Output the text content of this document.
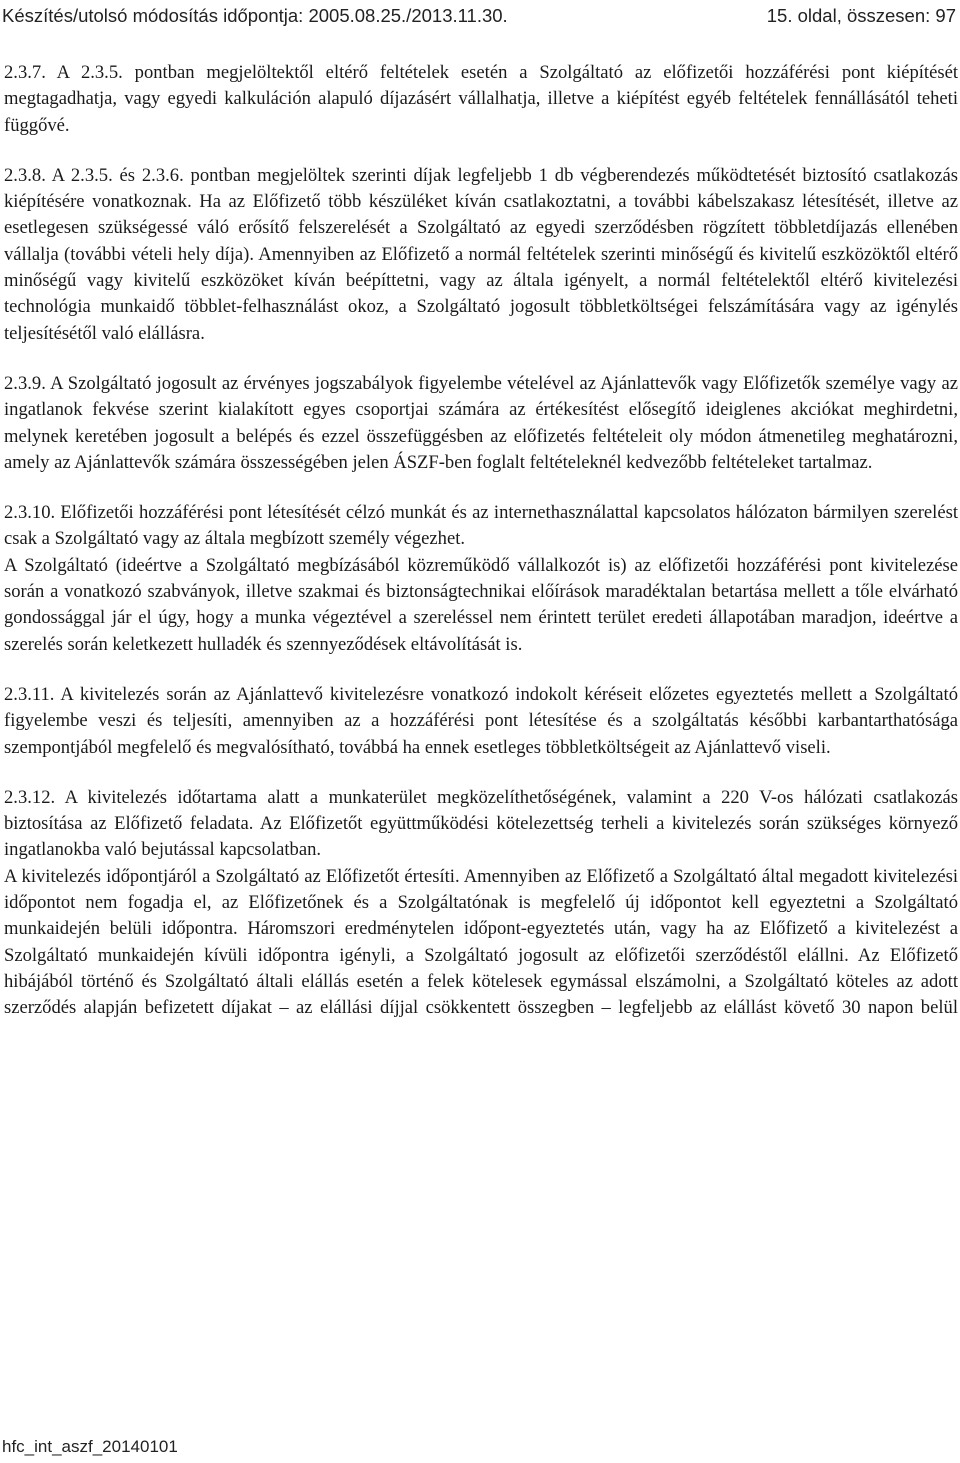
Készítés/utolsó módosítás időpontja: 2005.08.25./2013.11.30.	15. oldal, összesen: 97

2.3.7. A 2.3.5. pontban megjelöltektől eltérő feltételek esetén a Szolgáltató az előfizetői hozzáférési pont kiépítését megtagadhatja, vagy egyedi kalkuláción alapuló díjazásért vállalhatja, illetve a kiépítést egyéb feltételek fennállásától teheti függővé.

2.3.8. A 2.3.5. és 2.3.6. pontban megjelöltek szerinti díjak legfeljebb 1 db végberendezés működtetését biztosító csatlakozás kiépítésére vonatkoznak. Ha az Előfizető több készüléket kíván csatlakoztatni, a további kábelszakasz létesítését, illetve az esetlegesen szükségessé váló erősítő felszerelését a Szolgáltató az egyedi szerződésben rögzített többletdíjazás ellenében vállalja (további vételi hely díja). Amennyiben az Előfizető a normál feltételek szerinti minőségű és kivitelű eszközöktől eltérő minőségű vagy kivitelű eszközöket kíván beépíttetni, vagy az általa igényelt, a normál feltételektől eltérő kivitelezési technológia munkaidő többlet-felhasználást okoz, a Szolgáltató jogosult többletköltségei felszámítására vagy az igénylés teljesítésétől való elállásra.

2.3.9. A Szolgáltató jogosult az érvényes jogszabályok figyelembe vételével az Ajánlattevők vagy Előfizetők személye vagy az ingatlanok fekvése szerint kialakított egyes csoportjai számára az értékesítést elősegítő ideiglenes akciókat meghirdetni, melynek keretében jogosult a belépés és ezzel összefüggésben az előfizetés feltételeit oly módon átmenetileg meghatározni, amely az Ajánlattevők számára összességében jelen ÁSZF-ben foglalt feltételeknél kedvezőbb feltételeket tartalmaz.

2.3.10. Előfizetői hozzáférési pont létesítését célzó munkát és az internethasználattal kapcsolatos hálózaton bármilyen szerelést csak a Szolgáltató vagy az általa megbízott személy végezhet.

A Szolgáltató (ideértve a Szolgáltató megbízásából közreműködő vállalkozót is) az előfizetői hozzáférési pont kivitelezése során a vonatkozó szabványok, illetve szakmai és biztonságtechnikai előírások maradéktalan betartása mellett a tőle elvárható gondossággal jár el úgy, hogy a munka végeztével a szereléssel nem érintett terület eredeti állapotában maradjon, ideértve a szerelés során keletkezett hulladék és szennyeződések eltávolítását is.

2.3.11. A kivitelezés során az Ajánlattevő kivitelezésre vonatkozó indokolt kéréseit előzetes egyeztetés mellett a Szolgáltató figyelembe veszi és teljesíti, amennyiben az a hozzáférési pont létesítése és a szolgáltatás későbbi karbantarthatósága szempontjából megfelelő és megvalósítható, továbbá ha ennek esetleges többletköltségeit az Ajánlattevő viseli.

2.3.12. A kivitelezés időtartama alatt a munkaterület megközelíthetőségének, valamint a 220 V-os hálózati csatlakozás biztosítása az Előfizető feladata. Az Előfizetőt együttműködési kötelezettség terheli a kivitelezés során szükséges környező ingatlanokba való bejutással kapcsolatban.

A kivitelezés időpontjáról a Szolgáltató az Előfizetőt értesíti. Amennyiben az Előfizető a Szolgáltató által megadott kivitelezési időpontot nem fogadja el, az Előfizetőnek és a Szolgáltatónak is megfelelő új időpontot kell egyeztetni a Szolgáltató munkaidején belüli időpontra. Háromszori eredménytelen időpont-egyeztetés után, vagy ha az Előfizető a kivitelezést a Szolgáltató munkaidején kívüli időpontra igényli, a Szolgáltató jogosult az előfizetői szerződéstől elállni. Az Előfizető hibájából történő és Szolgáltató általi elállás esetén a felek kötelesek egymással elszámolni, a Szolgáltató köteles az adott szerződés alapján befizetett díjakat – az elállási díjjal csökkentett összegben – legfeljebb az elállást követő 30 napon belül

hfc_int_aszf_20140101
